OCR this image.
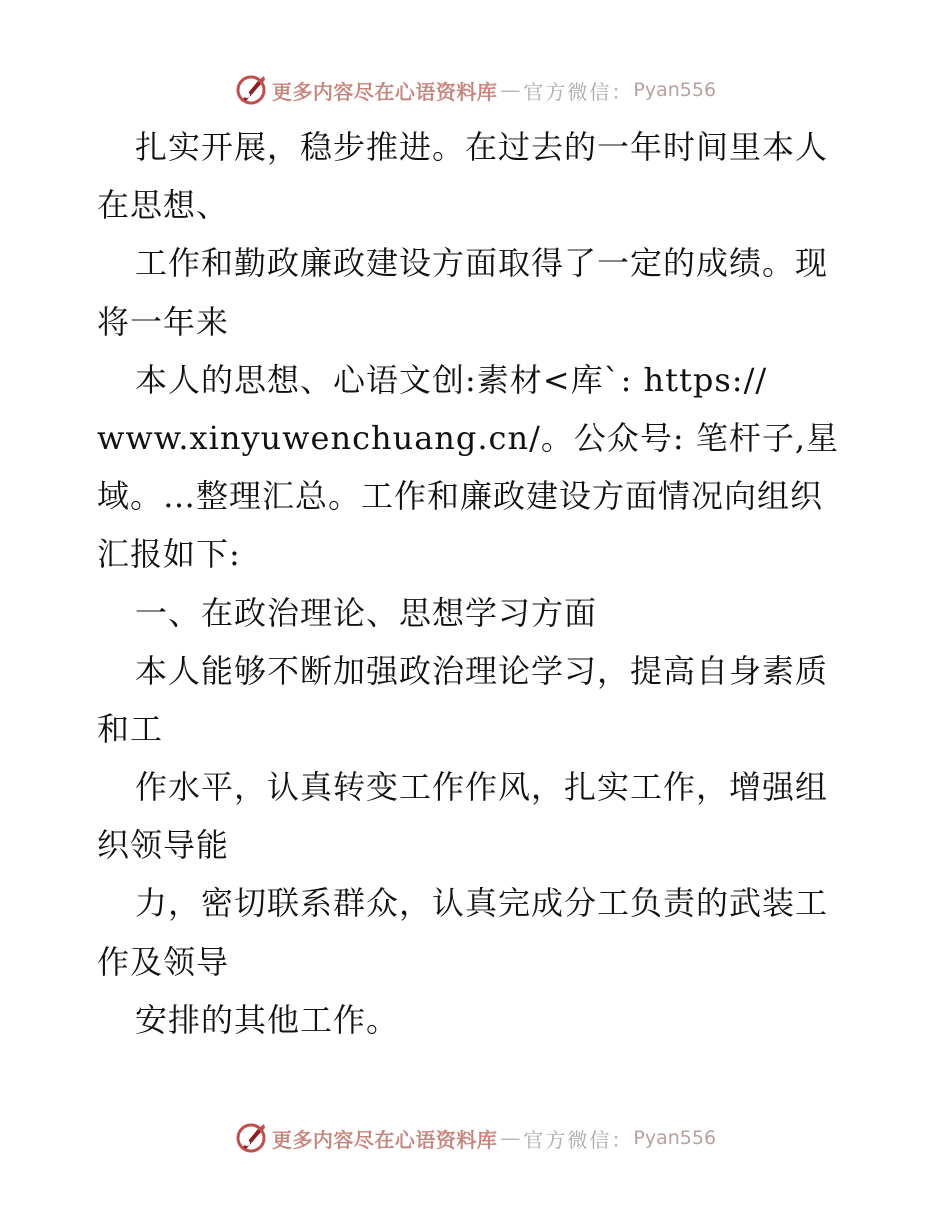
更多内容尽在心语资料库 — 官方微信： Pyan556
扎实开展，稳步推进。在过去的一年时间里本人
在思想、
工作和勤政廉政建设方面取得了一定的成绩。现
将一年来
本人的思想、心语文创:素材<库`: https://
www.xinyuwenchuang.cn/。公众号: 笔杆子,星
域。…整理汇总。工作和廉政建设方面情况向组织
汇报如下:
一、在政治理论、思想学习方面
本人能够不断加强政治理论学习，提高自身素质
和工
作水平，认真转变工作作风，扎实工作，增强组
织领导能
力，密切联系群众，认真完成分工负责的武装工
作及领导
安排的其他工作。
更多内容尽在心语资料库 — 官方微信： Pyan556
